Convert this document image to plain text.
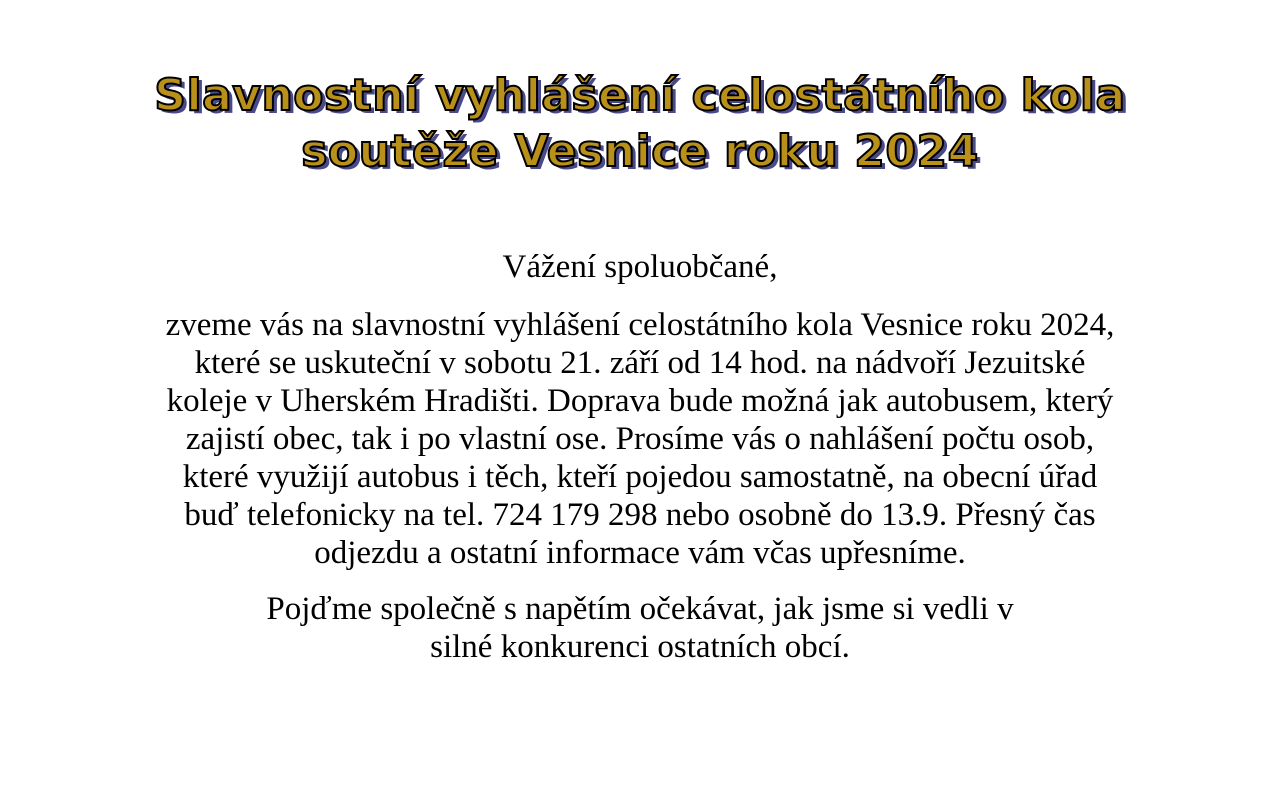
Slavnostní vyhlášení celostátního kola
soutěže Vesnice roku 2024

Vážení spoluobčané,

zveme vás na slavnostní vyhlášení celostátního kola Vesnice roku 2024,
které se uskuteční v sobotu 21. září od 14 hod. na nádvoří Jezuitské
koleje v Uherském Hradišti. Doprava bude možná jak autobusem, který
zajistí obec, tak i po vlastní ose. Prosíme vás o nahlášení počtu osob,
které využijí autobus i těch, kteří pojedou samostatně, na obecní úřad
buď telefonicky na tel. 724 179 298 nebo osobně do 13.9. Přesný čas
odjezdu a ostatní informace vám včas upřesníme.

Pojďme společně s napětím očekávat, jak jsme si vedli v
silné konkurenci ostatních obcí.
